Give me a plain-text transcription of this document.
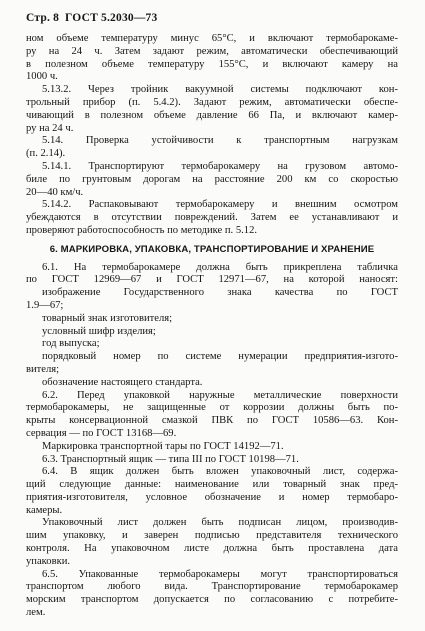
Стр. 8 ГОСТ 5.2030—73
ном объеме температуру минус 65°С, и включают термобарокаме-
ру на 24 ч. Затем задают режим, автоматически обеспечивающий
в полезном объеме температуру 155°С, и включают камеру на
1000 ч.
5.13.2. Через тройник вакуумной системы подключают кон-
трольный прибор (п. 5.4.2). Задают режим, автоматически обеспе-
чивающий в полезном объеме давление 66 Па, и включают камер-
ру на 24 ч.
5.14. Проверка устойчивости к транспортным нагрузкам
(п. 2.14).
5.14.1. Транспортируют термобарокамеру на грузовом автомо-
биле по грунтовым дорогам на расстояние 200 км со скоростью
20—40 км/ч.
5.14.2. Распаковывают термобарокамеру и внешним осмотром
убеждаются в отсутствии повреждений. Затем ее устанавливают и
проверяют работоспособность по методике п. 5.12.
6. МАРКИРОВКА, УПАКОВКА, ТРАНСПОРТИРОВАНИЕ И ХРАНЕНИЕ
6.1. На термобарокамере должна быть прикреплена табличка
по ГОСТ 12969—67 и ГОСТ 12971—67, на которой наносят:
изображение Государственного знака качества по ГОСТ
1.9—67;
товарный знак изготовителя;
условный шифр изделия;
год выпуска;
порядковый номер по системе нумерации предприятия-изгото-
вителя;
обозначение настоящего стандарта.
6.2. Перед упаковкой наружные металлические поверхности
термобарокамеры, не защищенные от коррозии должны быть по-
крыты консервационной смазкой ПВК по ГОСТ 10586—63. Кон-
сервация — по ГОСТ 13168—69.
Маркировка транспортной тары по ГОСТ 14192—71.
6.3. Транспортный ящик — типа III по ГОСТ 10198—71.
6.4. В ящик должен быть вложен упаковочный лист, содержа-
щий следующие данные: наименование или товарный знак пред-
приятия-изготовителя, условное обозначение и номер термобаро-
камеры.
Упаковочный лист должен быть подписан лицом, производив-
шим упаковку, и заверен подписью представителя технического
контроля. На упаковочном листе должна быть проставлена дата
упаковки.
6.5. Упакованные термобарокамеры могут транспортироваться
транспортом любого вида. Транспортирование термобарокамер
морским транспортом допускается по согласованию с потребите-
лем.
